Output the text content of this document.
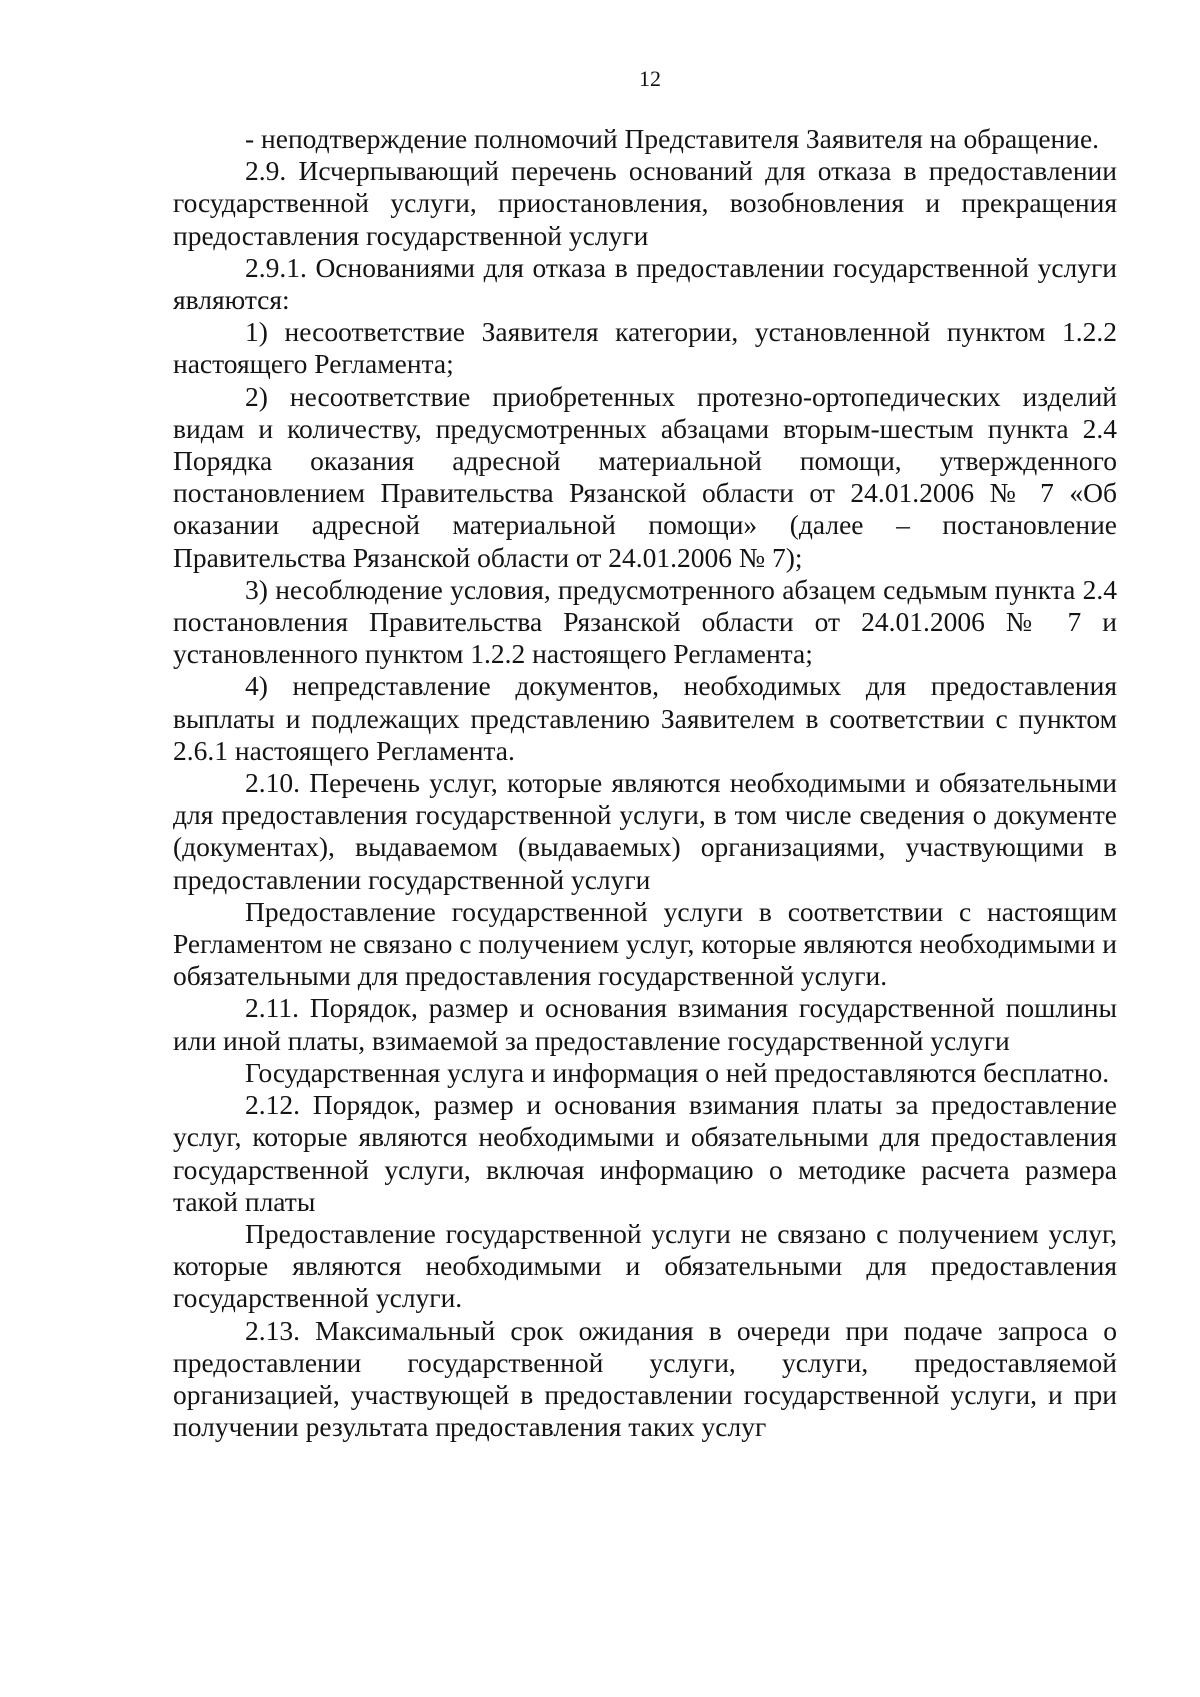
12

- неподтверждение полномочий Представителя Заявителя на обращение.

2.9. Исчерпывающий перечень оснований для отказа в предоставлении государственной услуги, приостановления, возобновления и прекращения предоставления государственной услуги

2.9.1. Основаниями для отказа в предоставлении государственной услуги являются:

1) несоответствие Заявителя категории, установленной пунктом 1.2.2 настоящего Регламента;

2) несоответствие приобретенных протезно-ортопедических изделий видам и количеству, предусмотренных абзацами вторым-шестым пункта 2.4 Порядка оказания адресной материальной помощи, утвержденного постановлением Правительства Рязанской области от 24.01.2006 № 7 «Об оказании адресной материальной помощи» (далее – постановление Правительства Рязанской области от 24.01.2006 № 7);

3) несоблюдение условия, предусмотренного абзацем седьмым пункта 2.4 постановления Правительства Рязанской области от 24.01.2006 № 7 и установленного пунктом 1.2.2 настоящего Регламента;

4) непредставление документов, необходимых для предоставления выплаты и подлежащих представлению Заявителем в соответствии с пунктом 2.6.1 настоящего Регламента.

2.10. Перечень услуг, которые являются необходимыми и обязательными для предоставления государственной услуги, в том числе сведения о документе (документах), выдаваемом (выдаваемых) организациями, участвующими в предоставлении государственной услуги

Предоставление государственной услуги в соответствии с настоящим Регламентом не связано с получением услуг, которые являются необходимыми и обязательными для предоставления государственной услуги.

2.11. Порядок, размер и основания взимания государственной пошлины или иной платы, взимаемой за предоставление государственной услуги

Государственная услуга и информация о ней предоставляются бесплатно.

2.12. Порядок, размер и основания взимания платы за предоставление услуг, которые являются необходимыми и обязательными для предоставления государственной услуги, включая информацию о методике расчета размера такой платы

Предоставление государственной услуги не связано с получением услуг, которые являются необходимыми и обязательными для предоставления государственной услуги.

2.13. Максимальный срок ожидания в очереди при подаче запроса о предоставлении государственной услуги, услуги, предоставляемой организацией, участвующей в предоставлении государственной услуги, и при получении результата предоставления таких услуг
